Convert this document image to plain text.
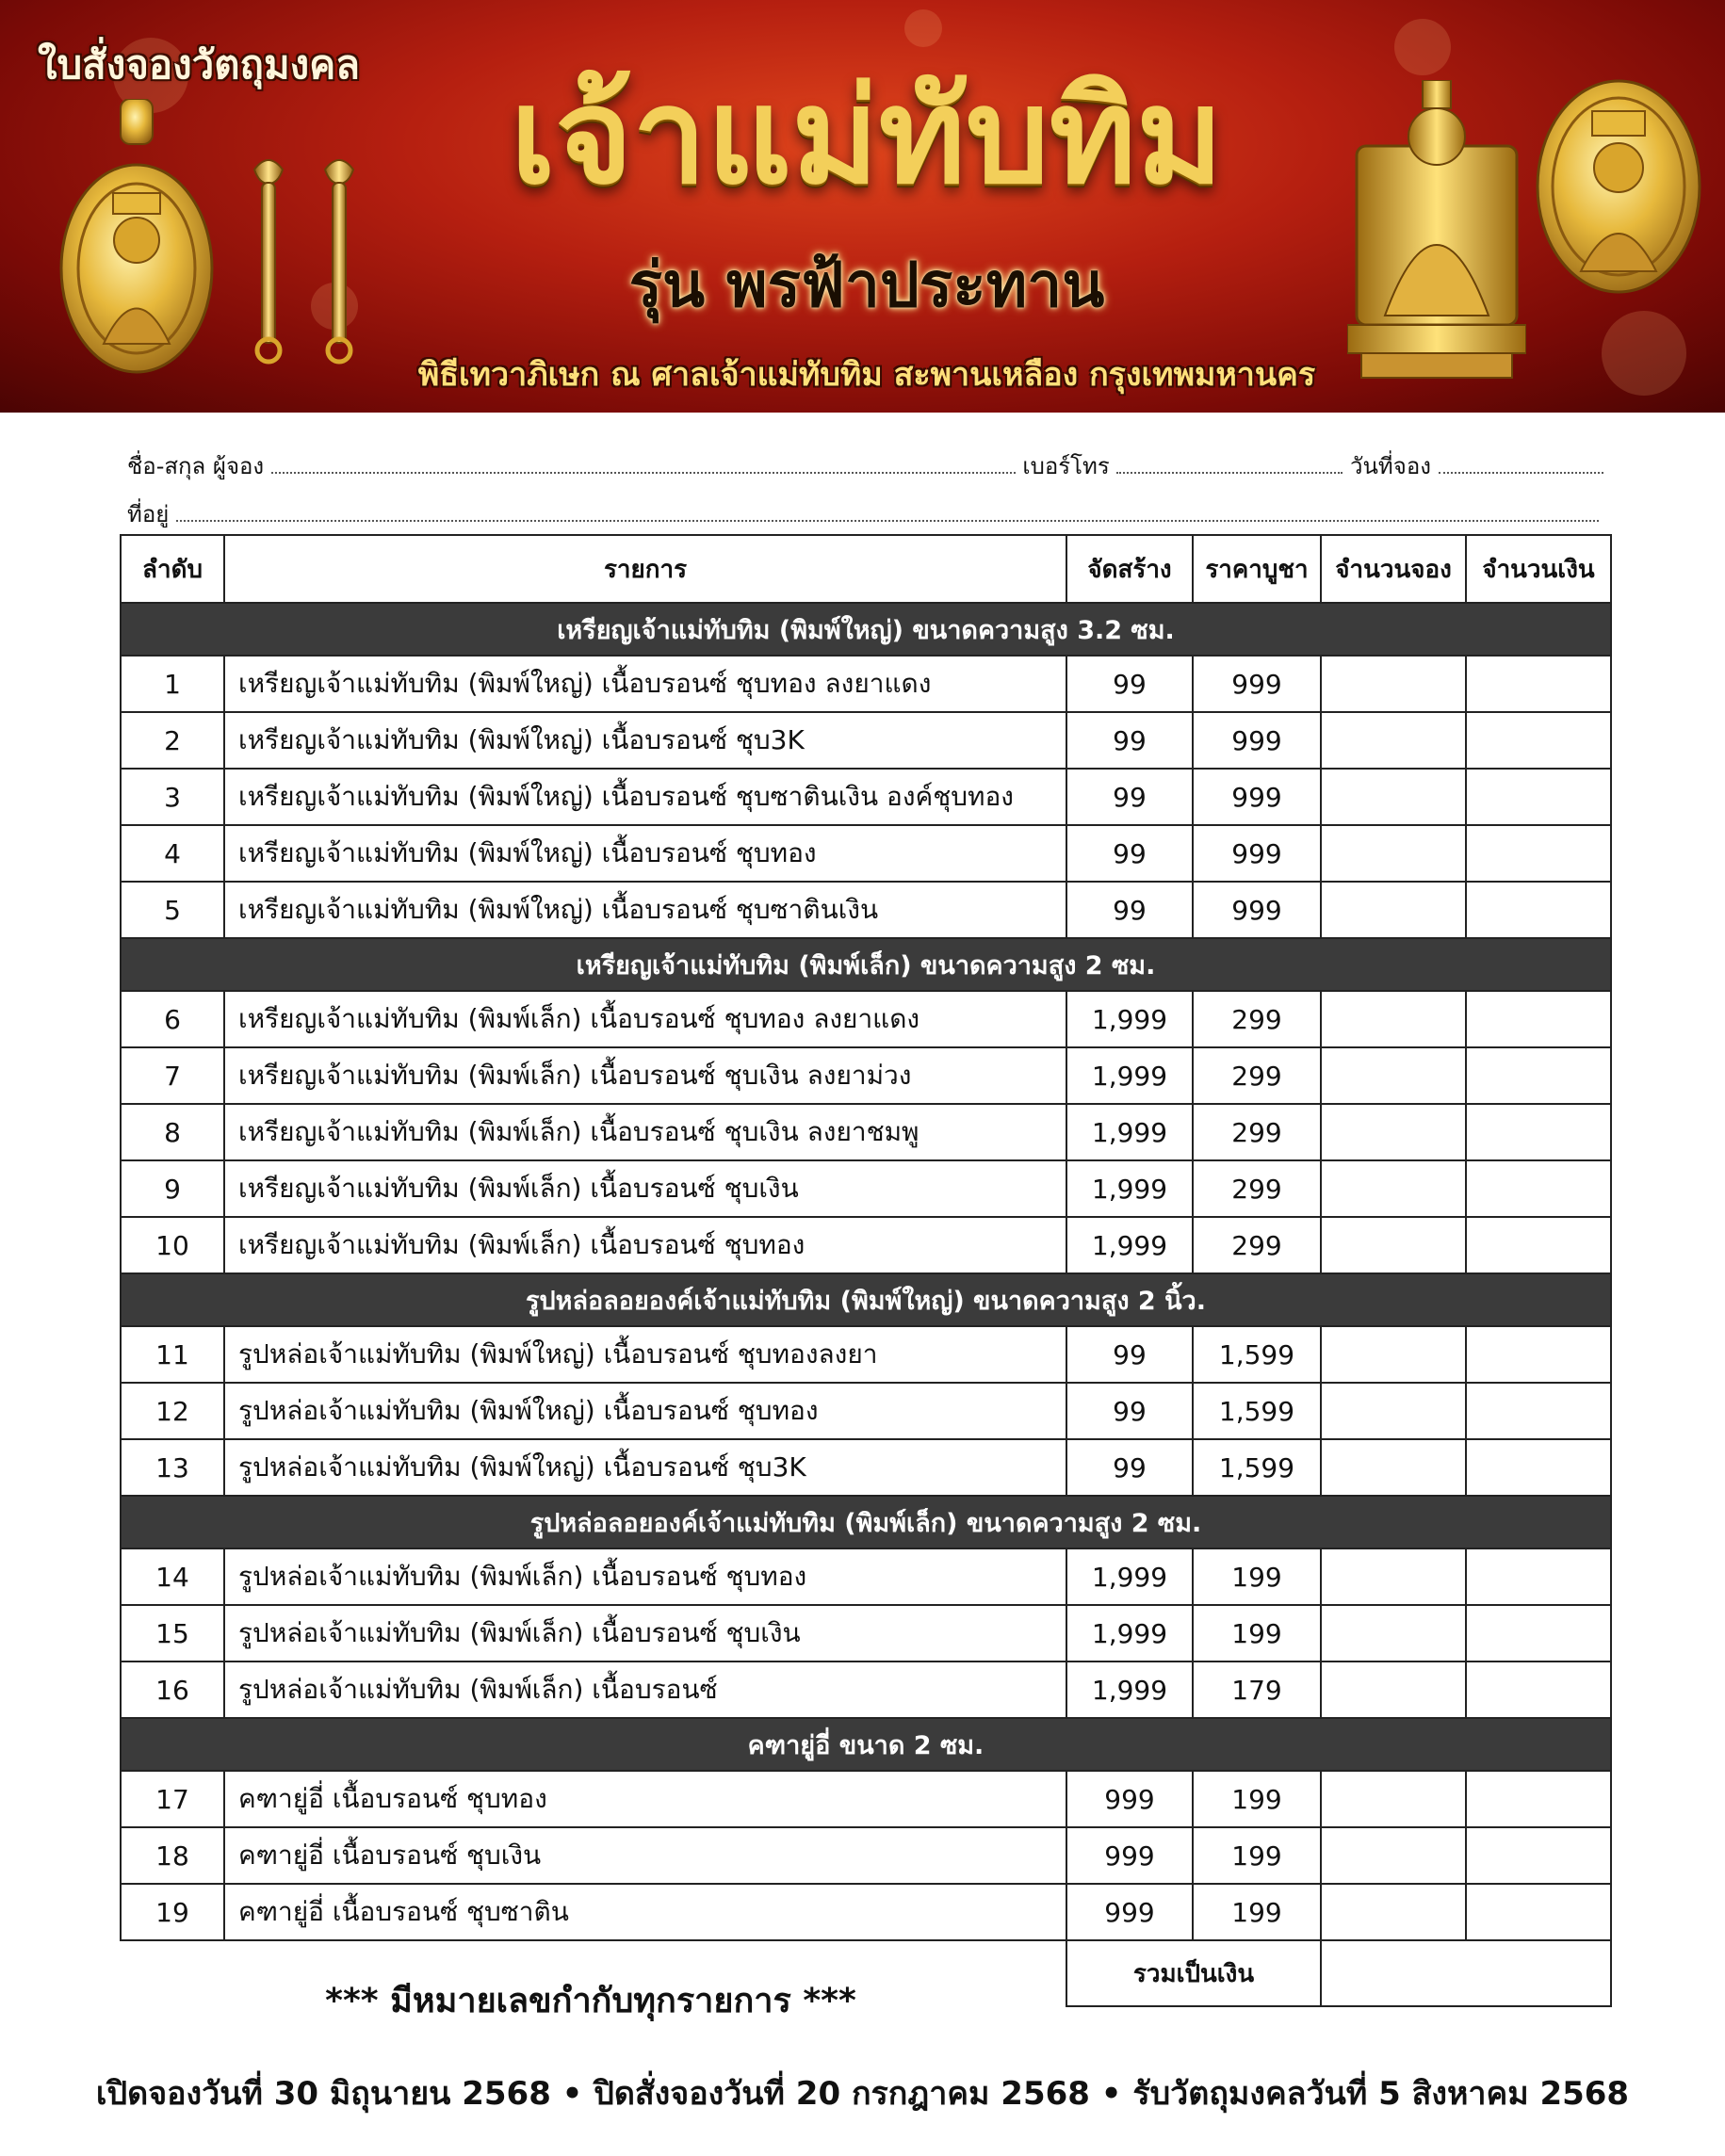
ใบสั่งจองวัตถุมงคล	เจ้าแม่ทับทิม
รุ่น พรฟ้าประทาน
พิธีเทวาภิเษก ณ ศาลเจ้าแม่ทับทิม สะพานเหลือง กรุงเทพมหานคร
ชื่อ-สกุล ผู้จอง	เบอร์โทร	วันที่จอง
ที่อยู่
ลำดับ	รายการ	จัดสร้าง	ราคาบูชา	จำนวนจอง	จำนวนเงิน
เหรียญเจ้าแม่ทับทิม (พิมพ์ใหญ่) ขนาดความสูง 3.2 ซม.					
1	เหรียญเจ้าแม่ทับทิม (พิมพ์ใหญ่) เนื้อบรอนซ์ ชุบทอง ลงยาแดง	99	999		
2	เหรียญเจ้าแม่ทับทิม (พิมพ์ใหญ่) เนื้อบรอนซ์ ชุบ3K	99	999		
3	เหรียญเจ้าแม่ทับทิม (พิมพ์ใหญ่) เนื้อบรอนซ์ ชุบซาตินเงิน องค์ชุบทอง	99	999		
4	เหรียญเจ้าแม่ทับทิม (พิมพ์ใหญ่) เนื้อบรอนซ์ ชุบทอง	99	999		
5	เหรียญเจ้าแม่ทับทิม (พิมพ์ใหญ่) เนื้อบรอนซ์ ชุบซาตินเงิน	99	999		
เหรียญเจ้าแม่ทับทิม (พิมพ์เล็ก) ขนาดความสูง 2 ซม.					
6	เหรียญเจ้าแม่ทับทิม (พิมพ์เล็ก) เนื้อบรอนซ์ ชุบทอง ลงยาแดง	1,999	299		
7	เหรียญเจ้าแม่ทับทิม (พิมพ์เล็ก) เนื้อบรอนซ์ ชุบเงิน ลงยาม่วง	1,999	299		
8	เหรียญเจ้าแม่ทับทิม (พิมพ์เล็ก) เนื้อบรอนซ์ ชุบเงิน ลงยาชมพู	1,999	299		
9	เหรียญเจ้าแม่ทับทิม (พิมพ์เล็ก) เนื้อบรอนซ์ ชุบเงิน	1,999	299		
10	เหรียญเจ้าแม่ทับทิม (พิมพ์เล็ก) เนื้อบรอนซ์ ชุบทอง	1,999	299		
รูปหล่อลอยองค์เจ้าแม่ทับทิม (พิมพ์ใหญ่) ขนาดความสูง 2 นิ้ว.					
11	รูปหล่อเจ้าแม่ทับทิม (พิมพ์ใหญ่) เนื้อบรอนซ์ ชุบทองลงยา	99	1,599		
12	รูปหล่อเจ้าแม่ทับทิม (พิมพ์ใหญ่) เนื้อบรอนซ์ ชุบทอง	99	1,599		
13	รูปหล่อเจ้าแม่ทับทิม (พิมพ์ใหญ่) เนื้อบรอนซ์ ชุบ3K	99	1,599		
รูปหล่อลอยองค์เจ้าแม่ทับทิม (พิมพ์เล็ก) ขนาดความสูง 2 ซม.					
14	รูปหล่อเจ้าแม่ทับทิม (พิมพ์เล็ก) เนื้อบรอนซ์ ชุบทอง	1,999	199		
15	รูปหล่อเจ้าแม่ทับทิม (พิมพ์เล็ก) เนื้อบรอนซ์ ชุบเงิน	1,999	199		
16	รูปหล่อเจ้าแม่ทับทิม (พิมพ์เล็ก) เนื้อบรอนซ์	1,999	179		
คฑายู่อี่ ขนาด 2 ซม.					
17	คฑายู่อี่ เนื้อบรอนซ์ ชุบทอง	999	199		
18	คฑายู่อี่ เนื้อบรอนซ์ ชุบเงิน	999	199		
19	คฑายู่อี่ เนื้อบรอนซ์ ชุบซาติน	999	199		
		รวมเป็นเงิน			
*** มีหมายเลขกำกับทุกรายการ ***
เปิดจองวันที่ 30 มิถุนายน 2568 • ปิดสั่งจองวันที่ 20 กรกฎาคม 2568 • รับวัตถุมงคลวันที่ 5 สิงหาคม 2568
